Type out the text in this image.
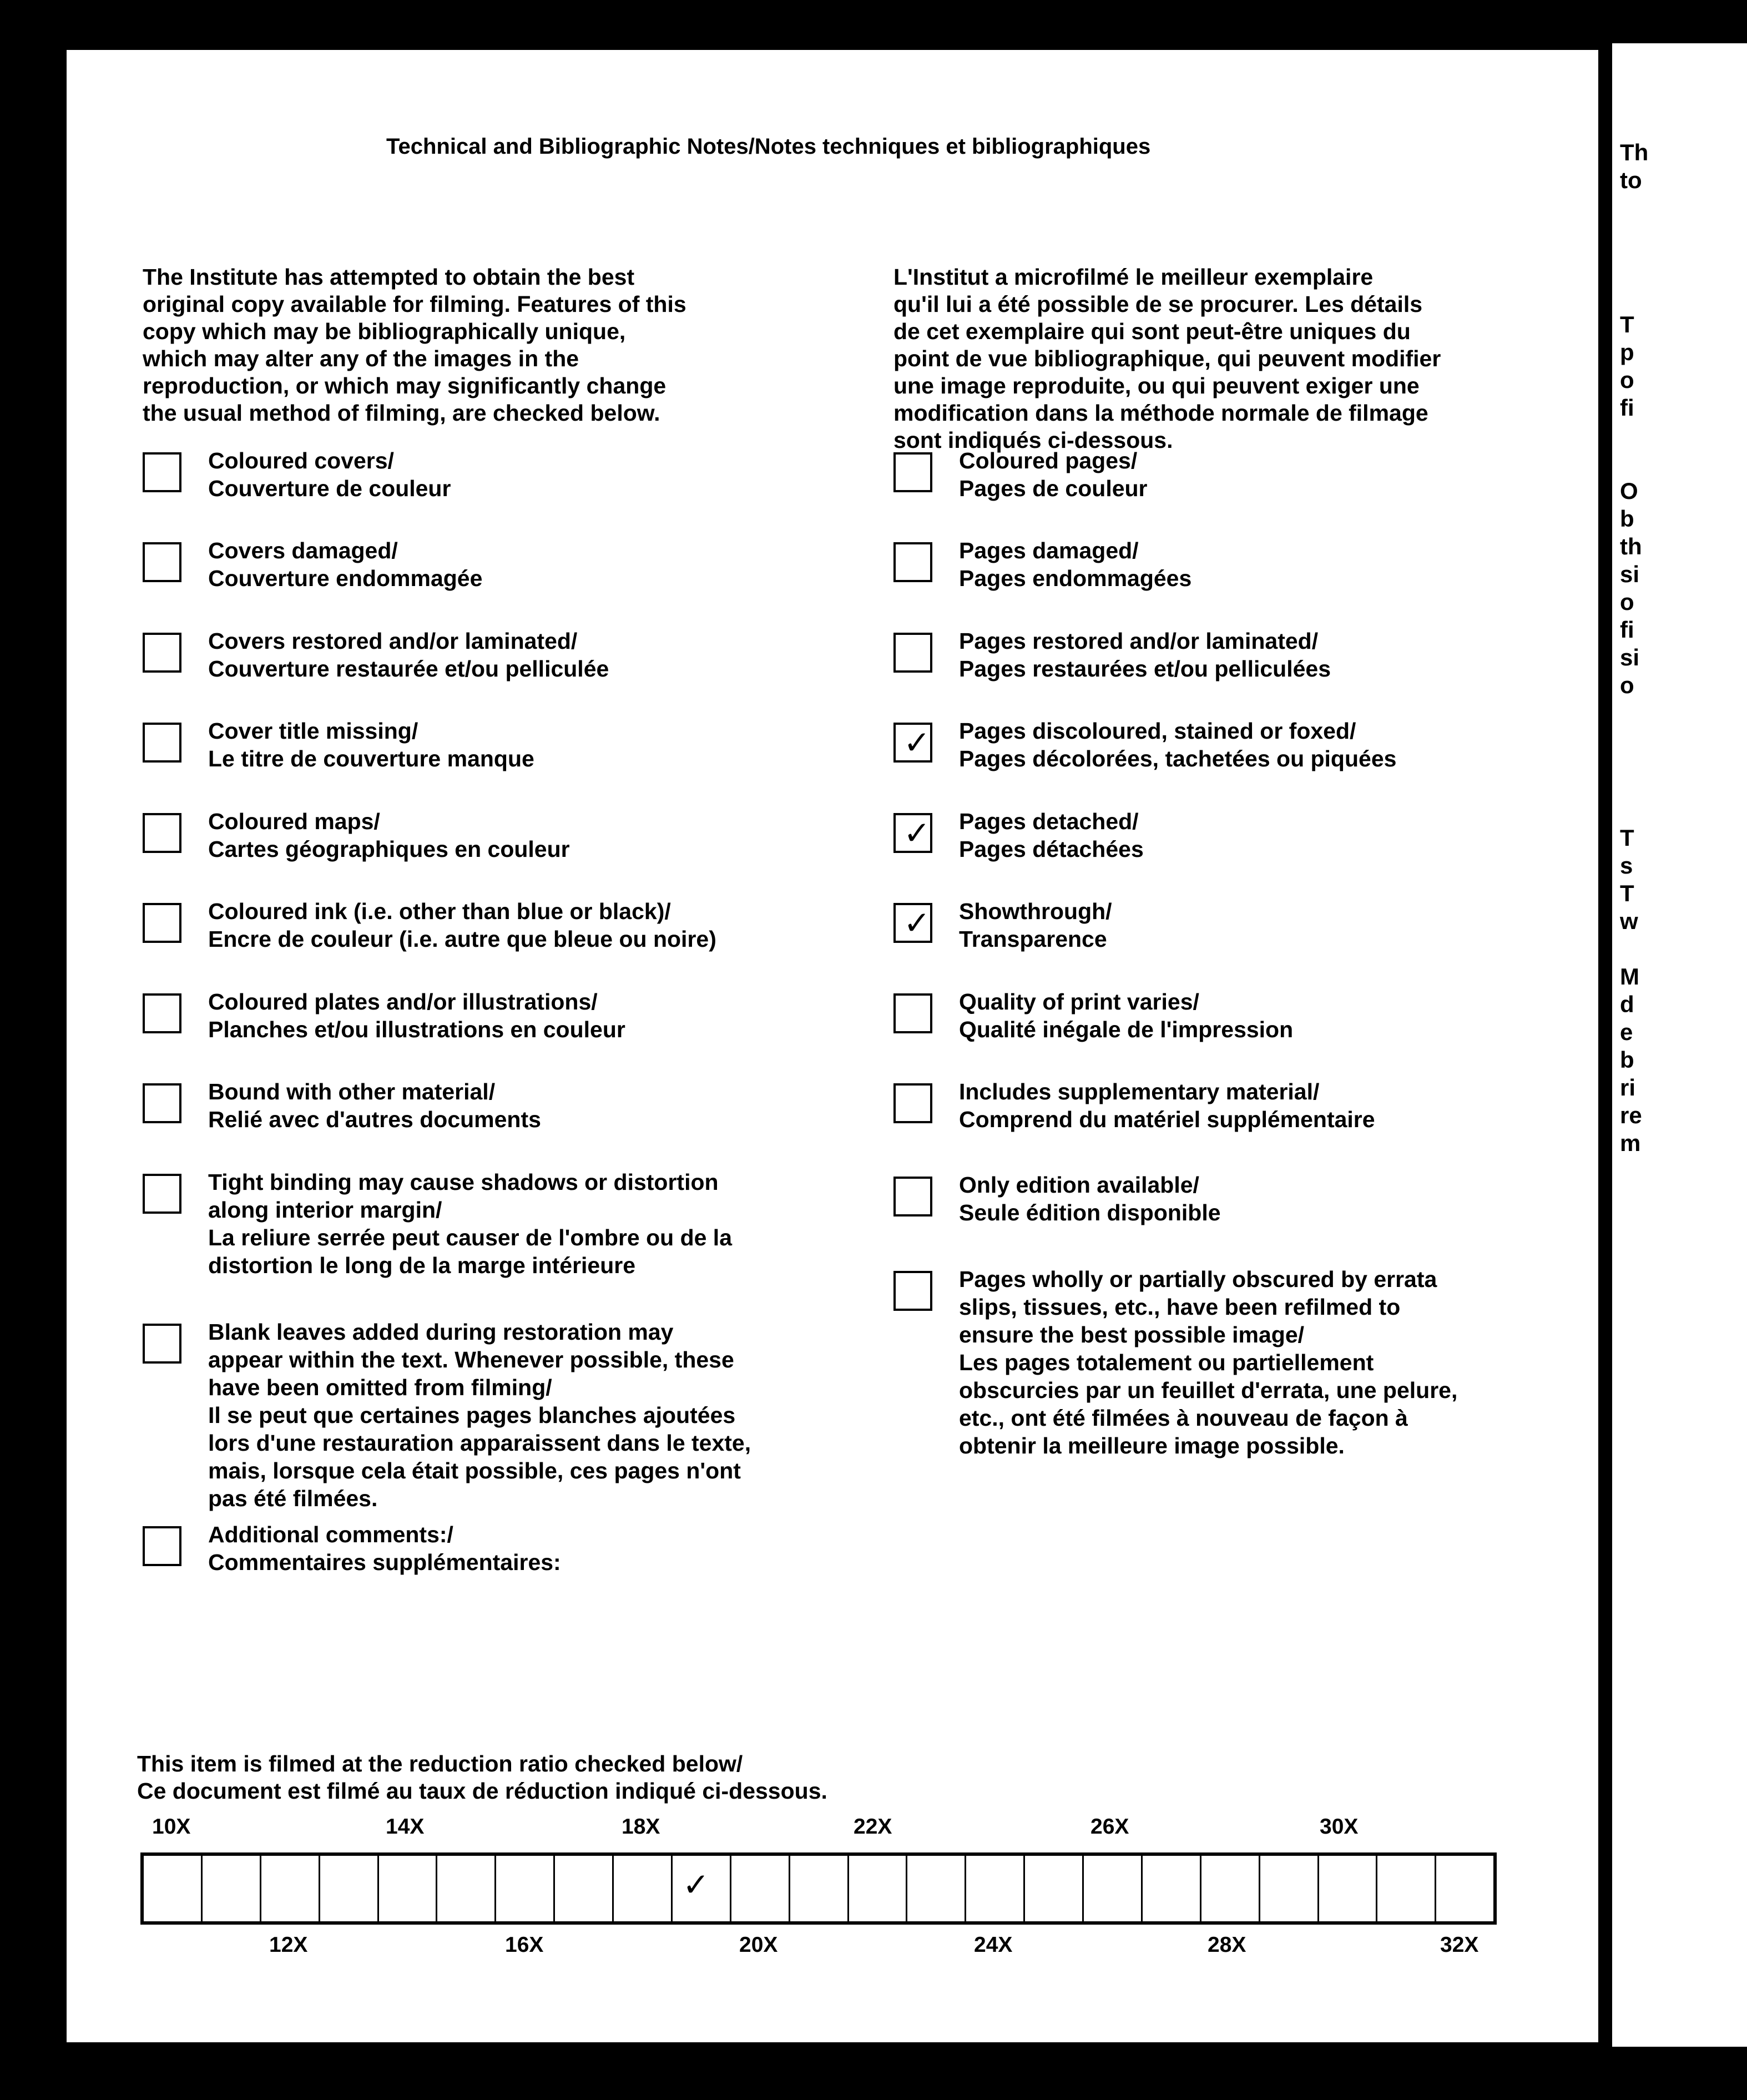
Technical and Bibliographic Notes/Notes techniques et bibliographiques
The Institute has attempted to obtain the best
original copy available for filming. Features of this
copy which may be bibliographically unique,
which may alter any of the images in the
reproduction, or which may significantly change
the usual method of filming, are checked below.
L'Institut a microfilmé le meilleur exemplaire
qu'il lui a été possible de se procurer. Les détails
de cet exemplaire qui sont peut-être uniques du
point de vue bibliographique, qui peuvent modifier
une image reproduite, ou qui peuvent exiger une
modification dans la méthode normale de filmage
sont indiqués ci-dessous.
Coloured covers/
Couverture de couleur
Covers damaged/
Couverture endommagée
Covers restored and/or laminated/
Couverture restaurée et/ou pelliculée
Cover title missing/
Le titre de couverture manque
Coloured maps/
Cartes géographiques en couleur
Coloured ink (i.e. other than blue or black)/
Encre de couleur (i.e. autre que bleue ou noire)
Coloured plates and/or illustrations/
Planches et/ou illustrations en couleur
Bound with other material/
Relié avec d'autres documents
Tight binding may cause shadows or distortion
along interior margin/
La reliure serrée peut causer de l'ombre ou de la
distortion le long de la marge intérieure
Blank leaves added during restoration may
appear within the text. Whenever possible, these
have been omitted from filming/
Il se peut que certaines pages blanches ajoutées
lors d'une restauration apparaissent dans le texte,
mais, lorsque cela était possible, ces pages n'ont
pas été filmées.
Additional comments:/
Commentaires supplémentaires:
Coloured pages/
Pages de couleur
Pages damaged/
Pages endommagées
Pages restored and/or laminated/
Pages restaurées et/ou pelliculées
✓ Pages discoloured, stained or foxed/
Pages décolorées, tachetées ou piquées
✓ Pages detached/
Pages détachées
✓ Showthrough/
Transparence
Quality of print varies/
Qualité inégale de l'impression
Includes supplementary material/
Comprend du matériel supplémentaire
Only edition available/
Seule édition disponible
Pages wholly or partially obscured by errata
slips, tissues, etc., have been refilmed to
ensure the best possible image/
Les pages totalement ou partiellement
obscurcies par un feuillet d'errata, une pelure,
etc., ont été filmées à nouveau de façon à
obtenir la meilleure image possible.
This item is filmed at the reduction ratio checked below/
Ce document est filmé au taux de réduction indiqué ci-dessous.
10X	14X	18X	22X	26X	30X
✓
12X	16X	20X	24X	28X	32X
Th
to
T
p
o
fi
O
b
th
si
o
fi
si
o
T
s
T
w
M
d
e
b
ri
re
m
